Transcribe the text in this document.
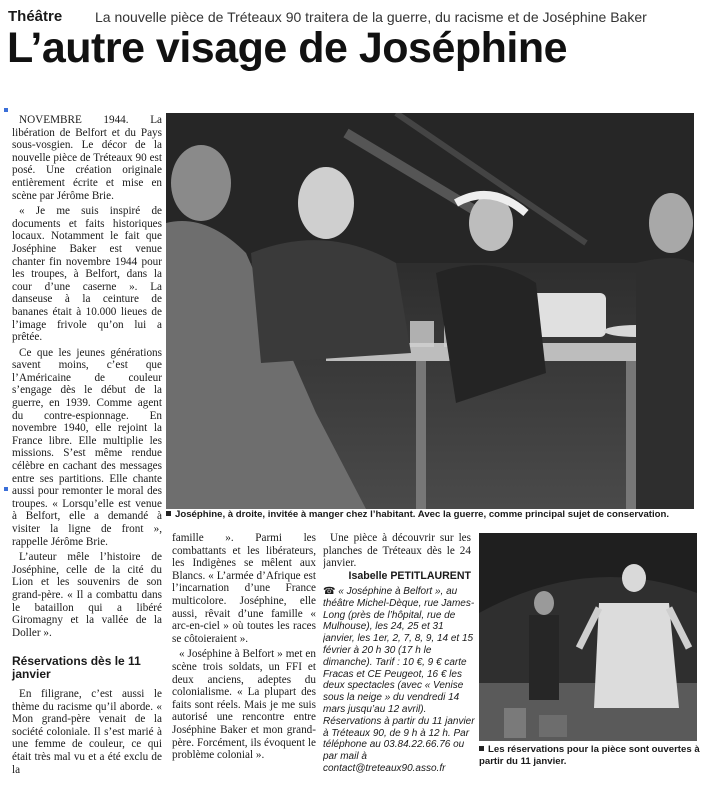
Théâtre La nouvelle pièce de Tréteaux 90 traitera de la guerre, du racisme et de Joséphine Baker
L’autre visage de Joséphine

NOVEMBRE 1944. La libération de Belfort et du Pays sous-vosgien. Le décor de la nouvelle pièce de Tréteaux 90 est posé. Une création originale entièrement écrite et mise en scène par Jérôme Brie.

« Je me suis inspiré de documents et faits historiques locaux. Notamment le fait que Joséphine Baker est venue chanter fin novembre 1944 pour les troupes, à Belfort, dans la cour d’une caserne ». La danseuse à la ceinture de bananes était à 10.000 lieues de l’image frivole qu’on lui a prêtée.

Ce que les jeunes générations savent moins, c’est que l’Américaine de couleur s’engage dès le début de la guerre, en 1939. Comme agent du contre-espionnage. En novembre 1940, elle rejoint la France libre. Elle multiplie les missions. S’est même rendue célèbre en cachant des messages entre ses partitions. Elle chante aussi pour remonter le moral des troupes. « Lorsqu’elle est venue à Belfort, elle a demandé à visiter la ligne de front », rappelle Jérôme Brie.

L’auteur mêle l’histoire de Joséphine, celle de la cité du Lion et les souvenirs de son grand-père. « Il a combattu dans le bataillon qui a libéré Giromagny et la vallée de la Doller ».

Réservations dès le 11 janvier

En filigrane, c’est aussi le thème du racisme qu’il aborde. « Mon grand-père venait de la société coloniale. Il s’est marié à une femme de couleur, ce qui était très mal vu et a été exclu de la

Joséphine, à droite, invitée à manger chez l’habitant. Avec la guerre, comme principal sujet de conservation.

famille ». Parmi les combattants et les libérateurs, les Indigènes se mêlent aux Blancs. « L’armée d’Afrique est l’incarnation d’une France multicolore. Joséphine, elle aussi, rêvait d’une famille « arc-en-ciel » où toutes les races se côtoieraient ».

« Joséphine à Belfort » met en scène trois soldats, un FFI et deux anciens, adeptes du colonialisme. « La plupart des faits sont réels. Mais je me suis autorisé une rencontre entre Joséphine Baker et mon grand-père. Forcément, ils évoquent le problème colonial ».

Une pièce à découvrir sur les planches de Tréteaux dès le 24 janvier.

Isabelle PETITLAURENT
☎ « Joséphine à Belfort », au théâtre Michel-Dèque, rue James-Long (près de l’hôpital, rue de Mulhouse), les 24, 25 et 31 janvier, les 1er, 2, 7, 8, 9, 14 et 15 février à 20 h 30 (17 h le dimanche). Tarif : 10 €, 9 € carte Fracas et CE Peugeot, 16 € les deux spectacles (avec « Venise sous la neige » du vendredi 14 mars jusqu’au 12 avril). Réservations à partir du 11 janvier à Tréteaux 90, de 9 h à 12 h. Par téléphone au 03.84.22.66.76 ou par mail à contact@treteaux90.asso.fr
Les réservations pour la pièce sont ouvertes à partir du 11 janvier.
